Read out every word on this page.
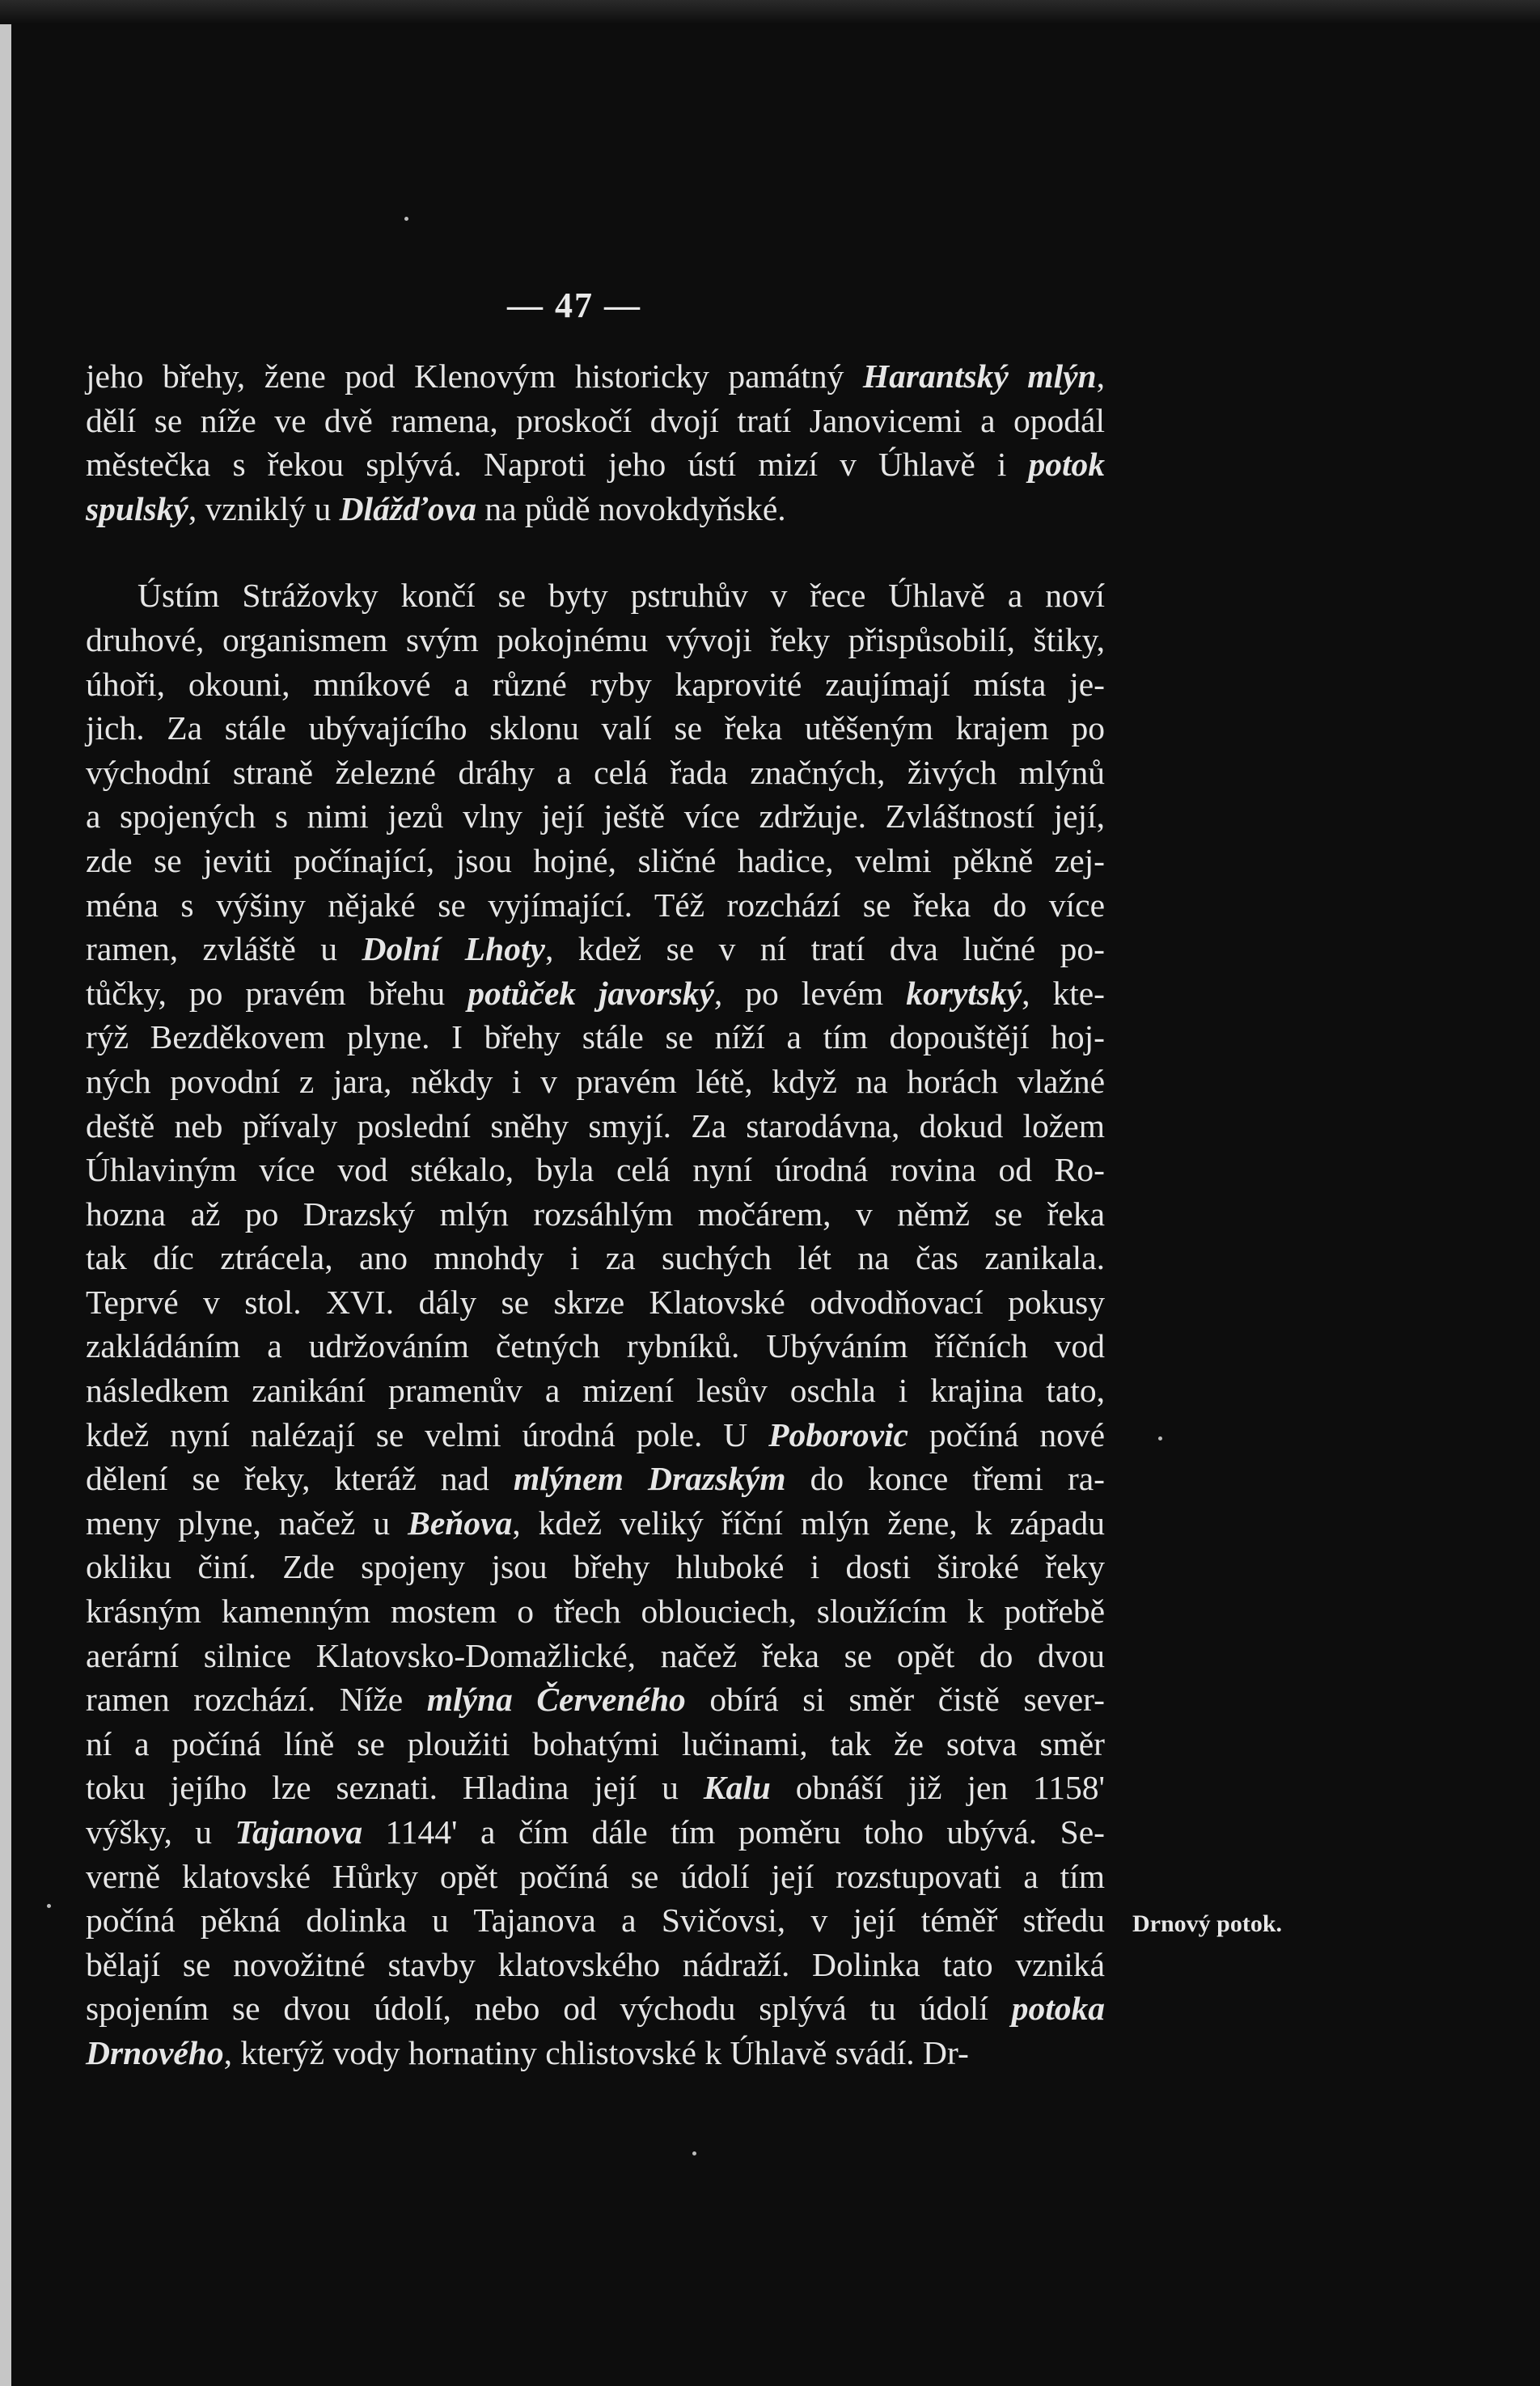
— 47 —
jeho břehy, žene pod Klenovým historicky památný Harantský mlýn,
dělí se níže ve dvě ramena, proskočí dvojí tratí Janovicemi a opodál
městečka s řekou splývá. Naproti jeho ústí mizí v Úhlavě i potok
spulský, vzniklý u Dlážďova na půdě novokdyňské.
Ústím Strážovky končí se byty pstruhův v řece Úhlavě a noví
druhové, organismem svým pokojnému vývoji řeky přispůsobilí, štiky,
úhoři, okouni, mníkové a různé ryby kaprovité zaujímají místa je-
jich. Za stále ubývajícího sklonu valí se řeka utěšeným krajem po
východní straně železné dráhy a celá řada značných, živých mlýnů
a spojených s nimi jezů vlny její ještě více zdržuje. Zvláštností její,
zde se jeviti počínající, jsou hojné, sličné hadice, velmi pěkně zej-
ména s výšiny nějaké se vyjímající. Též rozchází se řeka do více
ramen, zvláště u Dolní Lhoty, kdež se v ní tratí dva lučné po-
tůčky, po pravém břehu potůček javorský, po levém korytský, kte-
rýž Bezděkovem plyne. I břehy stále se níží a tím dopouštějí hoj-
ných povodní z jara, někdy i v pravém létě, když na horách vlažné
deště neb přívaly poslední sněhy smyjí. Za starodávna, dokud ložem
Úhlaviným více vod stékalo, byla celá nyní úrodná rovina od Ro-
hozna až po Drazský mlýn rozsáhlým močárem, v němž se řeka
tak díc ztrácela, ano mnohdy i za suchých lét na čas zanikala.
Teprvé v stol. XVI. dály se skrze Klatovské odvodňovací pokusy
zakládáním a udržováním četných rybníků. Ubýváním říčních vod
následkem zanikání pramenův a mizení lesův oschla i krajina tato,
kdež nyní nalézají se velmi úrodná pole. U Poborovic počíná nové
dělení se řeky, kteráž nad mlýnem Drazským do konce třemi ra-
meny plyne, načež u Beňova, kdež veliký říční mlýn žene, k západu
okliku činí. Zde spojeny jsou břehy hluboké i dosti široké řeky
krásným kamenným mostem o třech oblouciech, sloužícím k potřebě
aerární silnice Klatovsko-Domažlické, načež řeka se opět do dvou
ramen rozchází. Níže mlýna Červeného obírá si směr čistě sever-
ní a počíná líně se ploužiti bohatými lučinami, tak že sotva směr
toku jejího lze seznati. Hladina její u Kalu obnáší již jen 1158'
výšky, u Tajanova 1144' a čím dále tím poměru toho ubývá. Se-
verně klatovské Hůrky opět počíná se údolí její rozstupovati a tím
počíná pěkná dolinka u Tajanova a Svičovsi, v její téměř středu
bělají se novožitné stavby klatovského nádraží. Dolinka tato vzniká
spojením se dvou údolí, nebo od východu splývá tu údolí potoka
Drnového, kterýž vody hornatiny chlistovské k Úhlavě svádí. Dr-
Drnový potok.
